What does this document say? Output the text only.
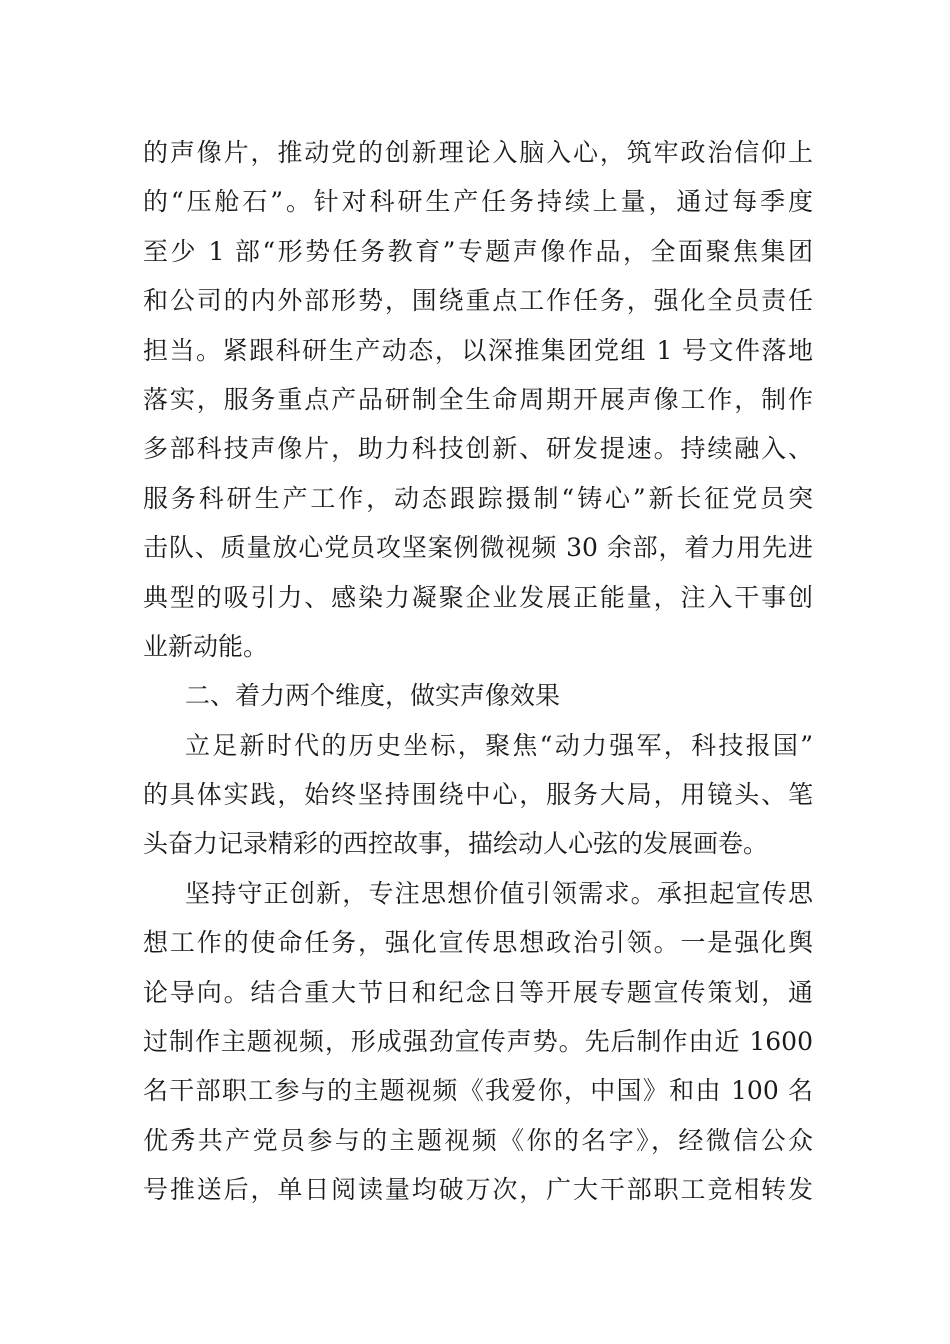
的声像片，推动党的创新理论入脑入心，筑牢政治信仰上
的“压舱石”。针对科研生产任务持续上量，通过每季度
至少 1 部“形势任务教育”专题声像作品，全面聚焦集团
和公司的内外部形势，围绕重点工作任务，强化全员责任
担当。紧跟科研生产动态，以深推集团党组 1 号文件落地
落实，服务重点产品研制全生命周期开展声像工作，制作
多部科技声像片，助力科技创新、研发提速。持续融入、
服务科研生产工作，动态跟踪摄制“铸心”新长征党员突
击队、质量放心党员攻坚案例微视频 30 余部，着力用先进
典型的吸引力、感染力凝聚企业发展正能量，注入干事创
业新动能。
二、着力两个维度，做实声像效果
立足新时代的历史坐标，聚焦“动力强军，科技报国”
的具体实践，始终坚持围绕中心，服务大局，用镜头、笔
头奋力记录精彩的西控故事，描绘动人心弦的发展画卷。
坚持守正创新，专注思想价值引领需求。承担起宣传思
想工作的使命任务，强化宣传思想政治引领。一是强化舆
论导向。结合重大节日和纪念日等开展专题宣传策划，通
过制作主题视频，形成强劲宣传声势。先后制作由近 1600
名干部职工参与的主题视频《我爱你，中国》和由 100 名
优秀共产党员参与的主题视频《你的名字》，经微信公众
号推送后，单日阅读量均破万次，广大干部职工竞相转发
